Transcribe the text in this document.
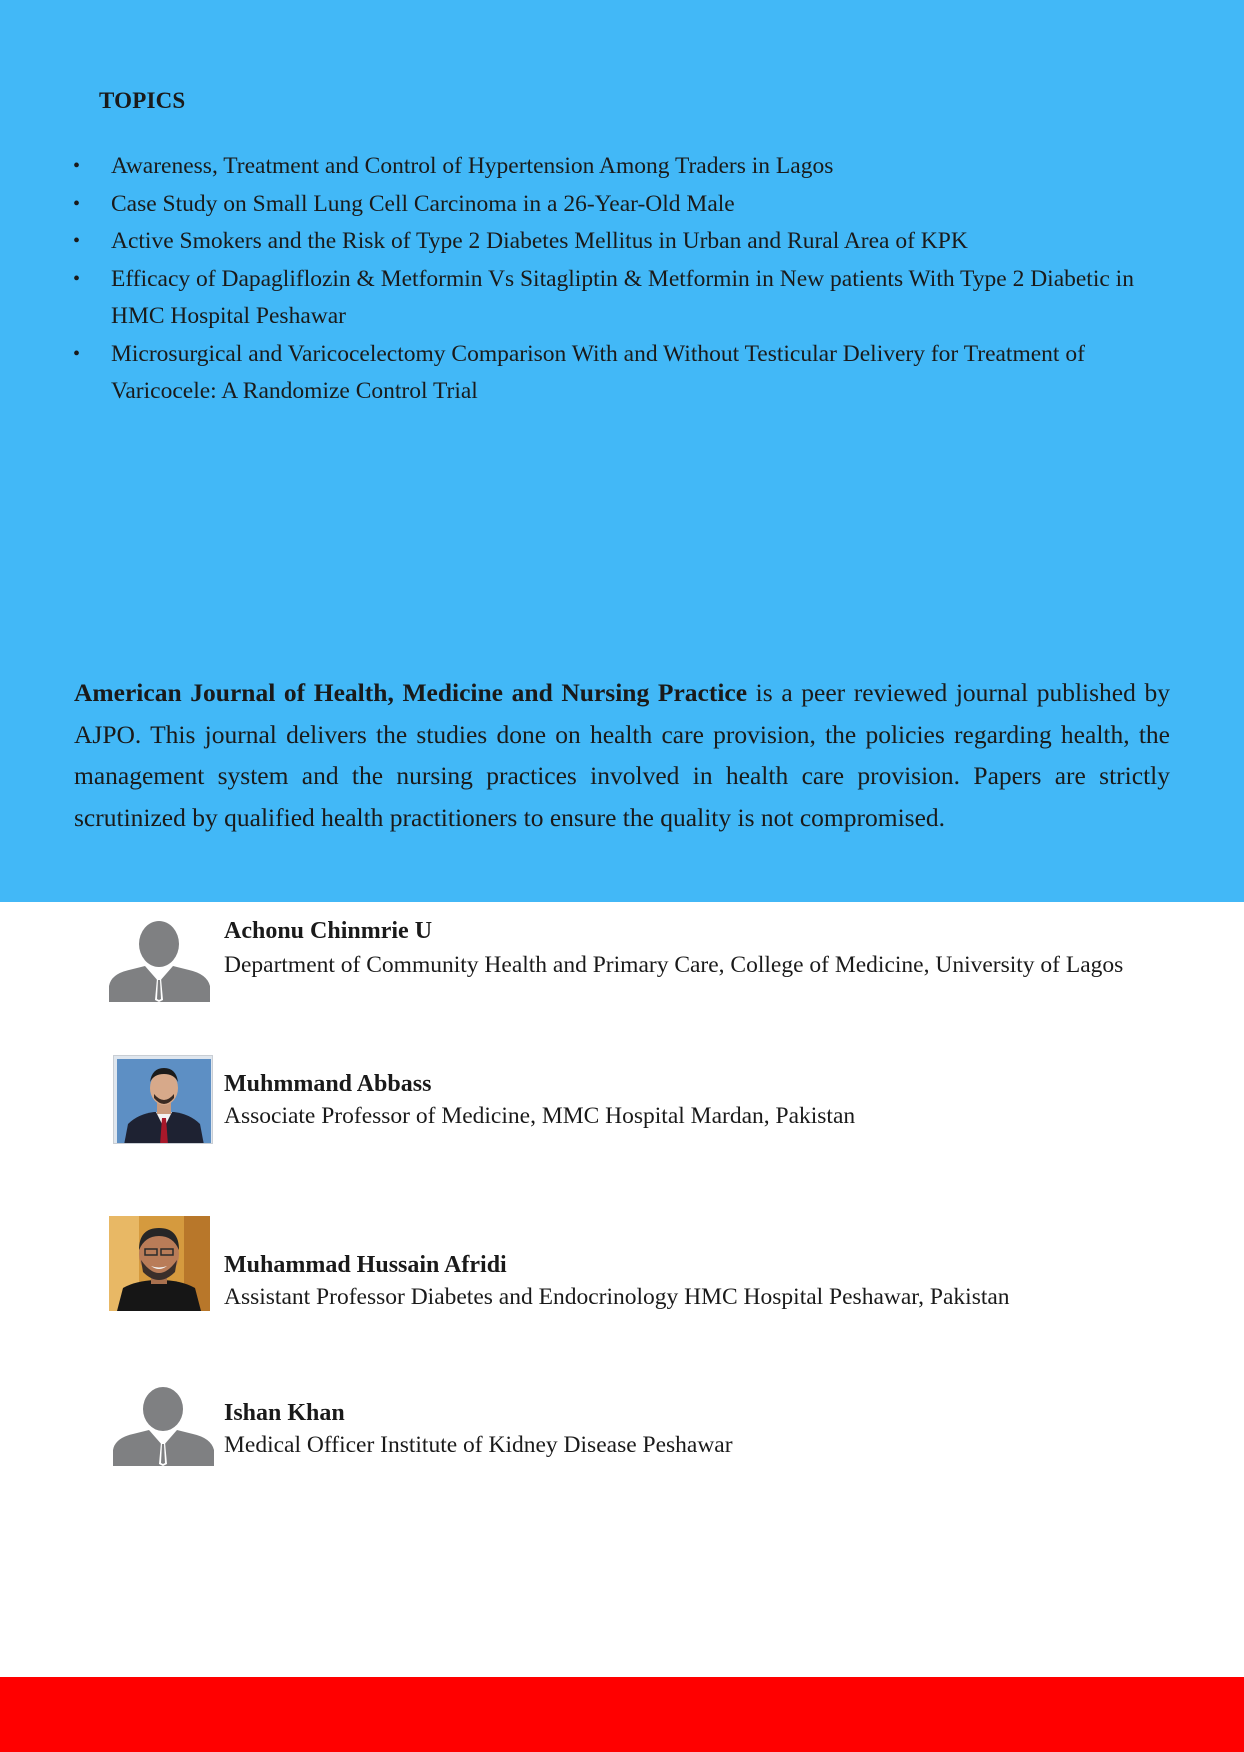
TOPICS
• Awareness, Treatment and Control of Hypertension Among Traders in Lagos
• Case Study on Small Lung Cell Carcinoma in a 26-Year-Old Male
• Active Smokers and the Risk of Type 2 Diabetes Mellitus in Urban and Rural Area of KPK
• Efficacy of Dapagliflozin & Metformin Vs Sitagliptin & Metformin in New patients With Type 2 Diabetic in HMC Hospital Peshawar
• Microsurgical and Varicocelectomy Comparison With and Without Testicular Delivery for Treatment of Varicocele: A Randomize Control Trial

American Journal of Health, Medicine and Nursing Practice is a peer reviewed journal published by AJPO. This journal delivers the studies done on health care provision, the policies regarding health, the management system and the nursing practices involved in health care provision. Papers are strictly scrutinized by qualified health practitioners to ensure the quality is not compromised.

Achonu Chinmrie U
Department of Community Health and Primary Care, College of Medicine, University of Lagos
Muhmmand Abbass
Associate Professor of Medicine, MMC Hospital Mardan, Pakistan
Muhammad Hussain Afridi
Assistant Professor Diabetes and Endocrinology HMC Hospital Peshawar, Pakistan
Ishan Khan
Medical Officer Institute of Kidney Disease Peshawar
